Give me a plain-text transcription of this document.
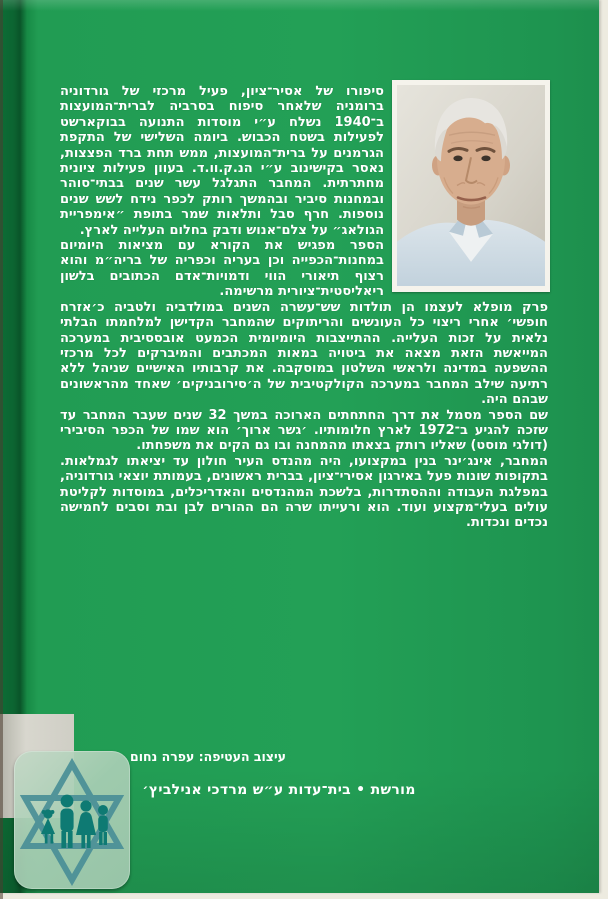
סיפורו של אסיר־ציון, פעיל מרכזי של גורדוניה ברומניה שלאחר סיפוח בסרביה לברית־המועצות ב־1940 נשלח ע״י מוסדות התנועה בבוקארשט לפעילות בשטח הכבוש. ביומה השלישי של התקפת הגרמנים על ברית־המועצות, ממש תחת ברד הפצצות, נאסר בקישינוב ע״י הנ.ק.וו.ד. בעוון פעילות ציונית מחתרתית. המחבר התגלגל עשר שנים בבתי־סוהר ובמחנות סיביר ובהמשך רותק לכפר נידח לשש שנים נוספות. חרף סבל ותלאות שמר בתופת ״אימפריית הגולאג״ על צלם־אנוש ודבק בחלום העלייה לארץ.

הספר מפגיש את הקורא עם מציאות היומיום במחנות־הכפייה וכן בעריה וכפריה של בריה״מ והוא רצוף תיאורי הווי ודמויות־אדם הכתובים בלשון ריאליסטית־ציורית מרשימה.

פרק מופלא לעצמו הן תולדות שש־עשרה השנים במולדביה ולטביה כ׳אזרח חופשי׳ אחרי ריצוי כל העונשים והריתוקים שהמחבר הקדישן למלחמתו הבלתי נלאית על זכות העלייה. ההתייצבות היומיומית הכמעט אובססיבית במערכה המייאשת הזאת מצאה את ביטויה במאות המכתבים והמיברקים לכל מרכזי ההשפעה במדינה ולראשי השלטון במוסקבה. את קרבותיו האישיים שניהל ללא רתיעה שילב המחבר במערכה הקולקטיבית של ה׳סירובניקים׳ שאחד מהראשונים שבהם היה.

שם הספר מסמל את דרך החתחתים הארוכה במשך 32 שנים שעבר המחבר עד שזכה להגיע ב־1972 לארץ חלומותיו. ׳גשר ארוך׳ הוא שמו של הכפר הסיבירי (דולגי מוסט) שאליו רותק בצאתו מהמחנה ובו גם הקים את משפחתו.

המחבר, אינג׳ינר בנין במקצועו, היה מהנדס העיר חולון עד יציאתו לגמלאות. בתקופות שונות פעל באירגון אסירי־ציון, בברית ראשונים, בעמותת יוצאי גורדוניה, במפלגת העבודה וההסתדרות, בלשכת המהנדסים והאדריכלים, במוסדות לקליטת עולים בעלי־מקצוע ועוד. הוא ורעייתו שרה הם ההורים לבן ובת וסבים לחמישה נכדים ונכדות.

עיצוב העטיפה: עפרה נחום
מורשת • בית־עדות ע״ש מרדכי אנילביץ׳
